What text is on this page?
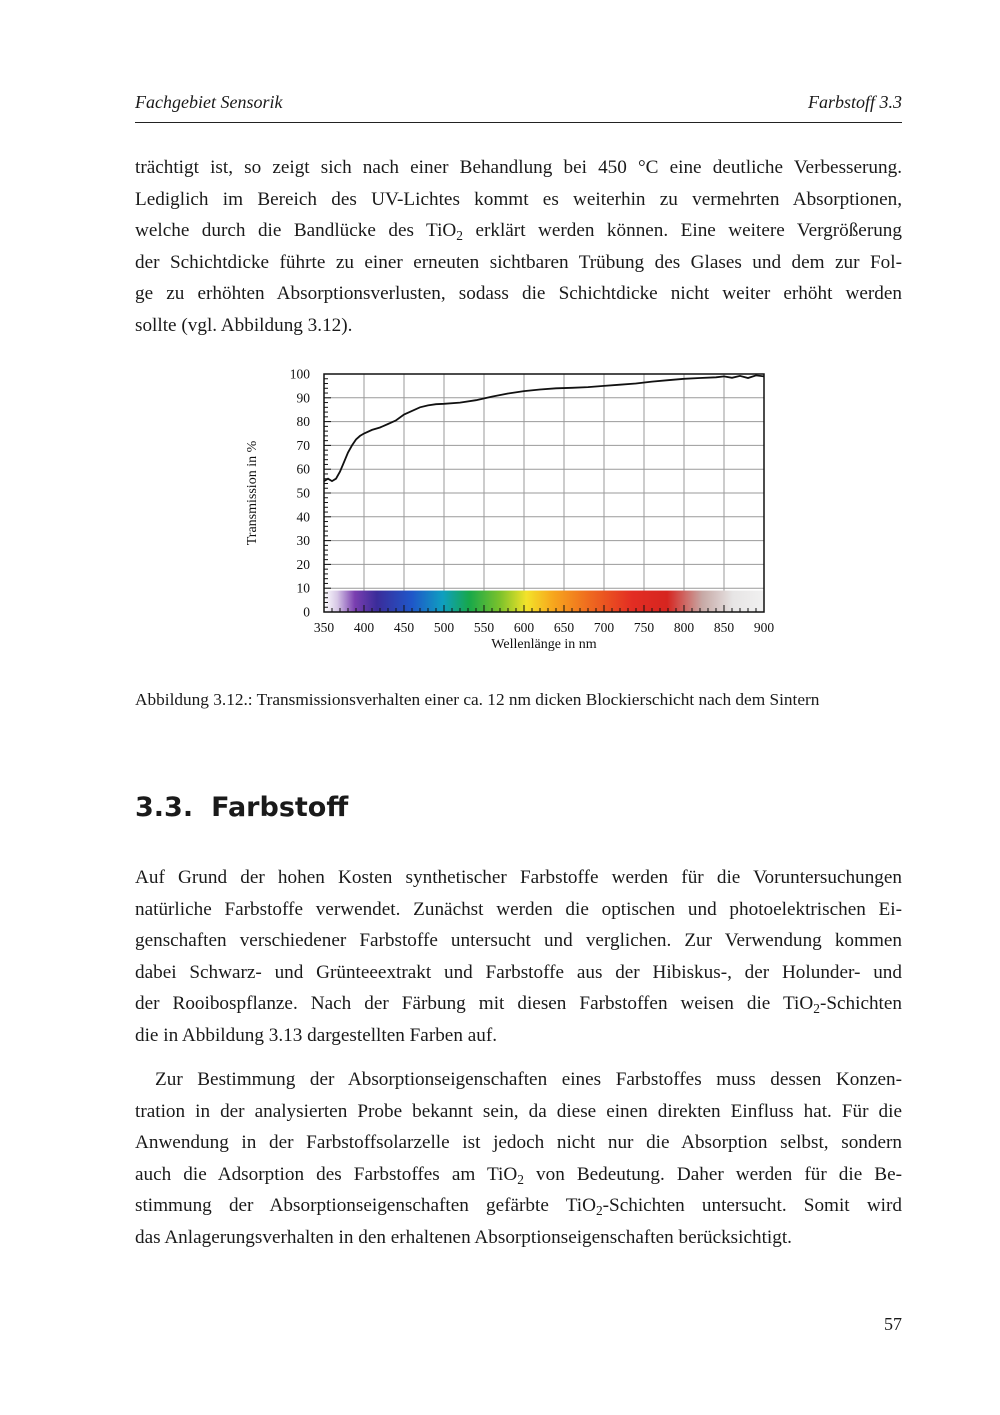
Fachgebiet Sensorik	Farbstoff 3.3
trächtigt ist, so zeigt sich nach einer Behandlung bei 450 °C eine deutliche Verbesserung.
Lediglich im Bereich des UV-Lichtes kommt es weiterhin zu vermehrten Absorptionen,
welche durch die Bandlücke des TiO$_2$ erklärt werden können. Eine weitere Vergrößerung
der Schichtdicke führte zu einer erneuten sichtbaren Trübung des Glases und dem zur Fol-
ge zu erhöhten Absorptionsverlusten, sodass die Schichtdicke nicht weiter erhöht werden
sollte (vgl. Abbildung 3.12).
350 400 450 500 550 600 650 700 750 800 850 900
0
10
20
30
40
50
60
70
80
90
100
Wellenlänge in nm
Transmission in %
Abbildung 3.12.: Transmissionsverhalten einer ca. 12 nm dicken Blockierschicht nach dem Sintern
3.3. Farbstoff
Auf Grund der hohen Kosten synthetischer Farbstoffe werden für die Voruntersuchungen
natürliche Farbstoffe verwendet. Zunächst werden die optischen und photoelektrischen Ei-
genschaften verschiedener Farbstoffe untersucht und verglichen. Zur Verwendung kommen
dabei Schwarz- und Grünteeextrakt und Farbstoffe aus der Hibiskus-, der Holunder- und
der Rooibospflanze. Nach der Färbung mit diesen Farbstoffen weisen die TiO$_2$-Schichten
die in Abbildung 3.13 dargestellten Farben auf.
Zur Bestimmung der Absorptionseigenschaften eines Farbstoffes muss dessen Konzen-
tration in der analysierten Probe bekannt sein, da diese einen direkten Einfluss hat. Für die
Anwendung in der Farbstoffsolarzelle ist jedoch nicht nur die Absorption selbst, sondern
auch die Adsorption des Farbstoffes am TiO$_2$ von Bedeutung. Daher werden für die Be-
stimmung der Absorptionseigenschaften gefärbte TiO$_2$-Schichten untersucht. Somit wird
das Anlagerungsverhalten in den erhaltenen Absorptionseigenschaften berücksichtigt.
57
